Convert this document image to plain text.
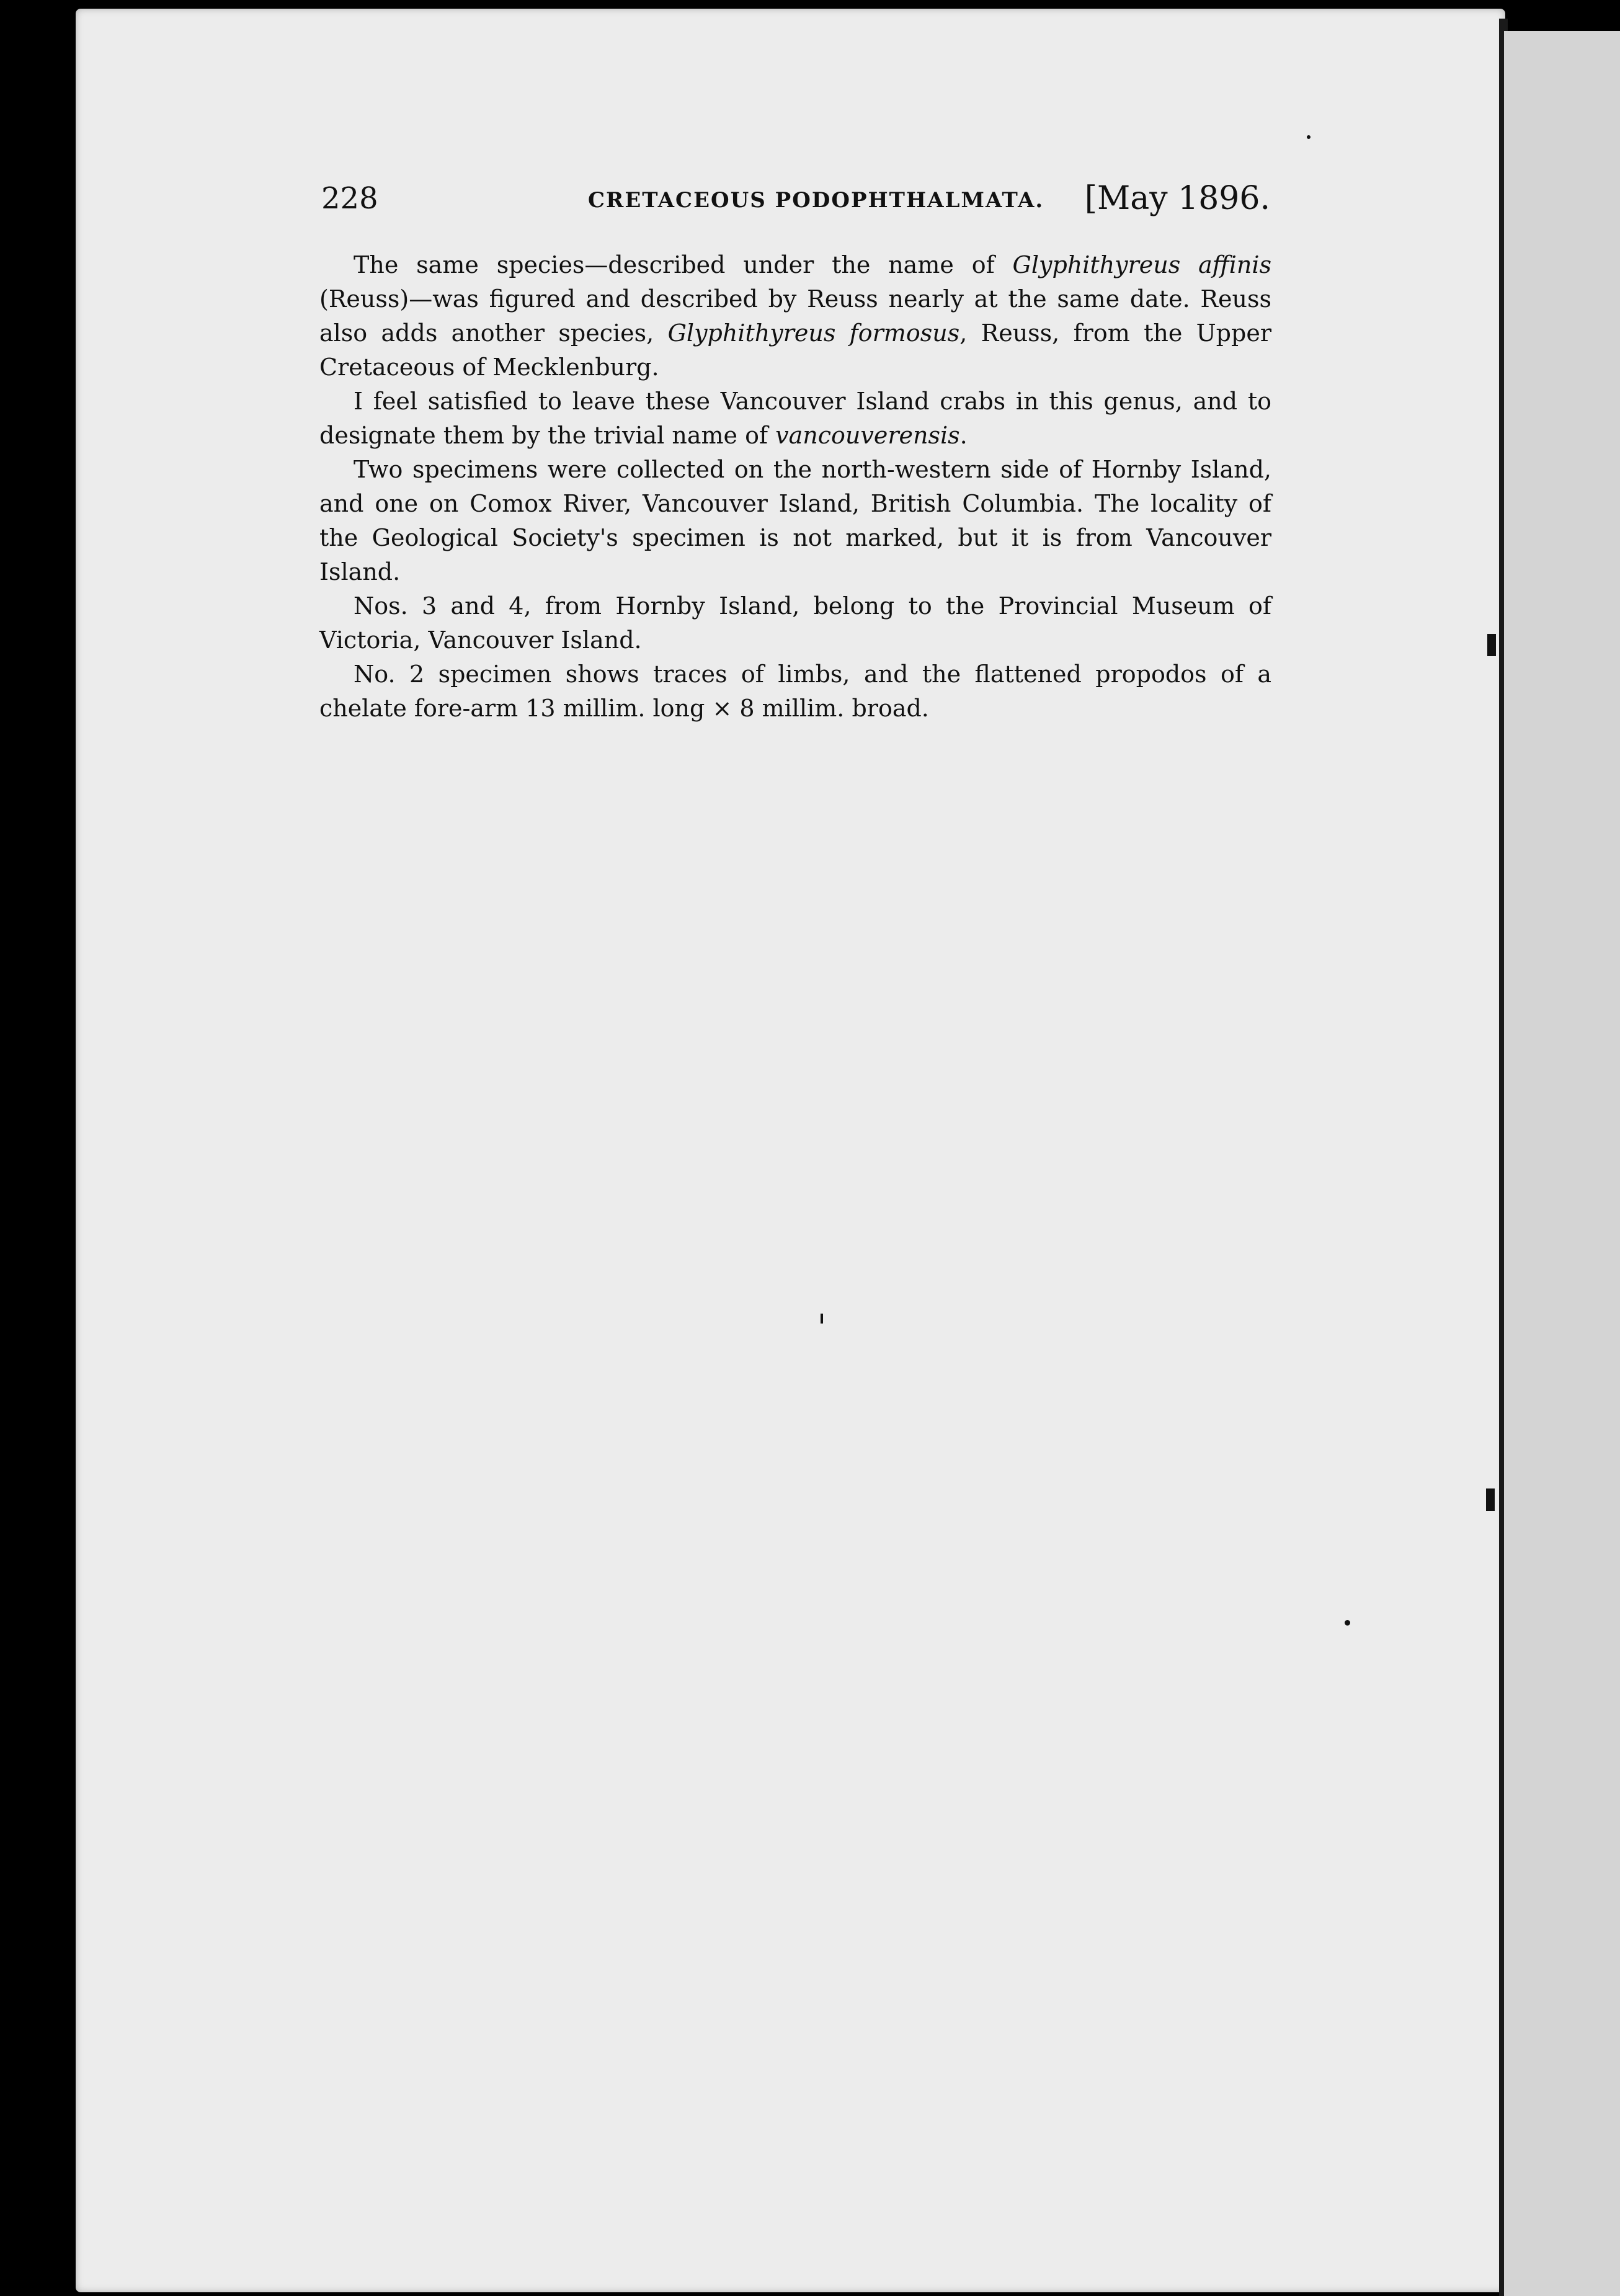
228	CRETACEOUS PODOPHTHALMATA. [May 1896.

The same species—described under the name of Glyphithyreus affinis (Reuss)—was figured and described by Reuss nearly at the same date. Reuss also adds another species, Glyphithyreus formosus, Reuss, from the Upper Cretaceous of Mecklenburg.

I feel satisfied to leave these Vancouver Island crabs in this genus, and to designate them by the trivial name of vancouverensis.

Two specimens were collected on the north-western side of Hornby Island, and one on Comox River, Vancouver Island, British Columbia. The locality of the Geological Society's specimen is not marked, but it is from Vancouver Island.

Nos. 3 and 4, from Hornby Island, belong to the Provincial Museum of Victoria, Vancouver Island.

No. 2 specimen shows traces of limbs, and the flattened propodos of a chelate fore-arm 13 millim. long × 8 millim. broad.
